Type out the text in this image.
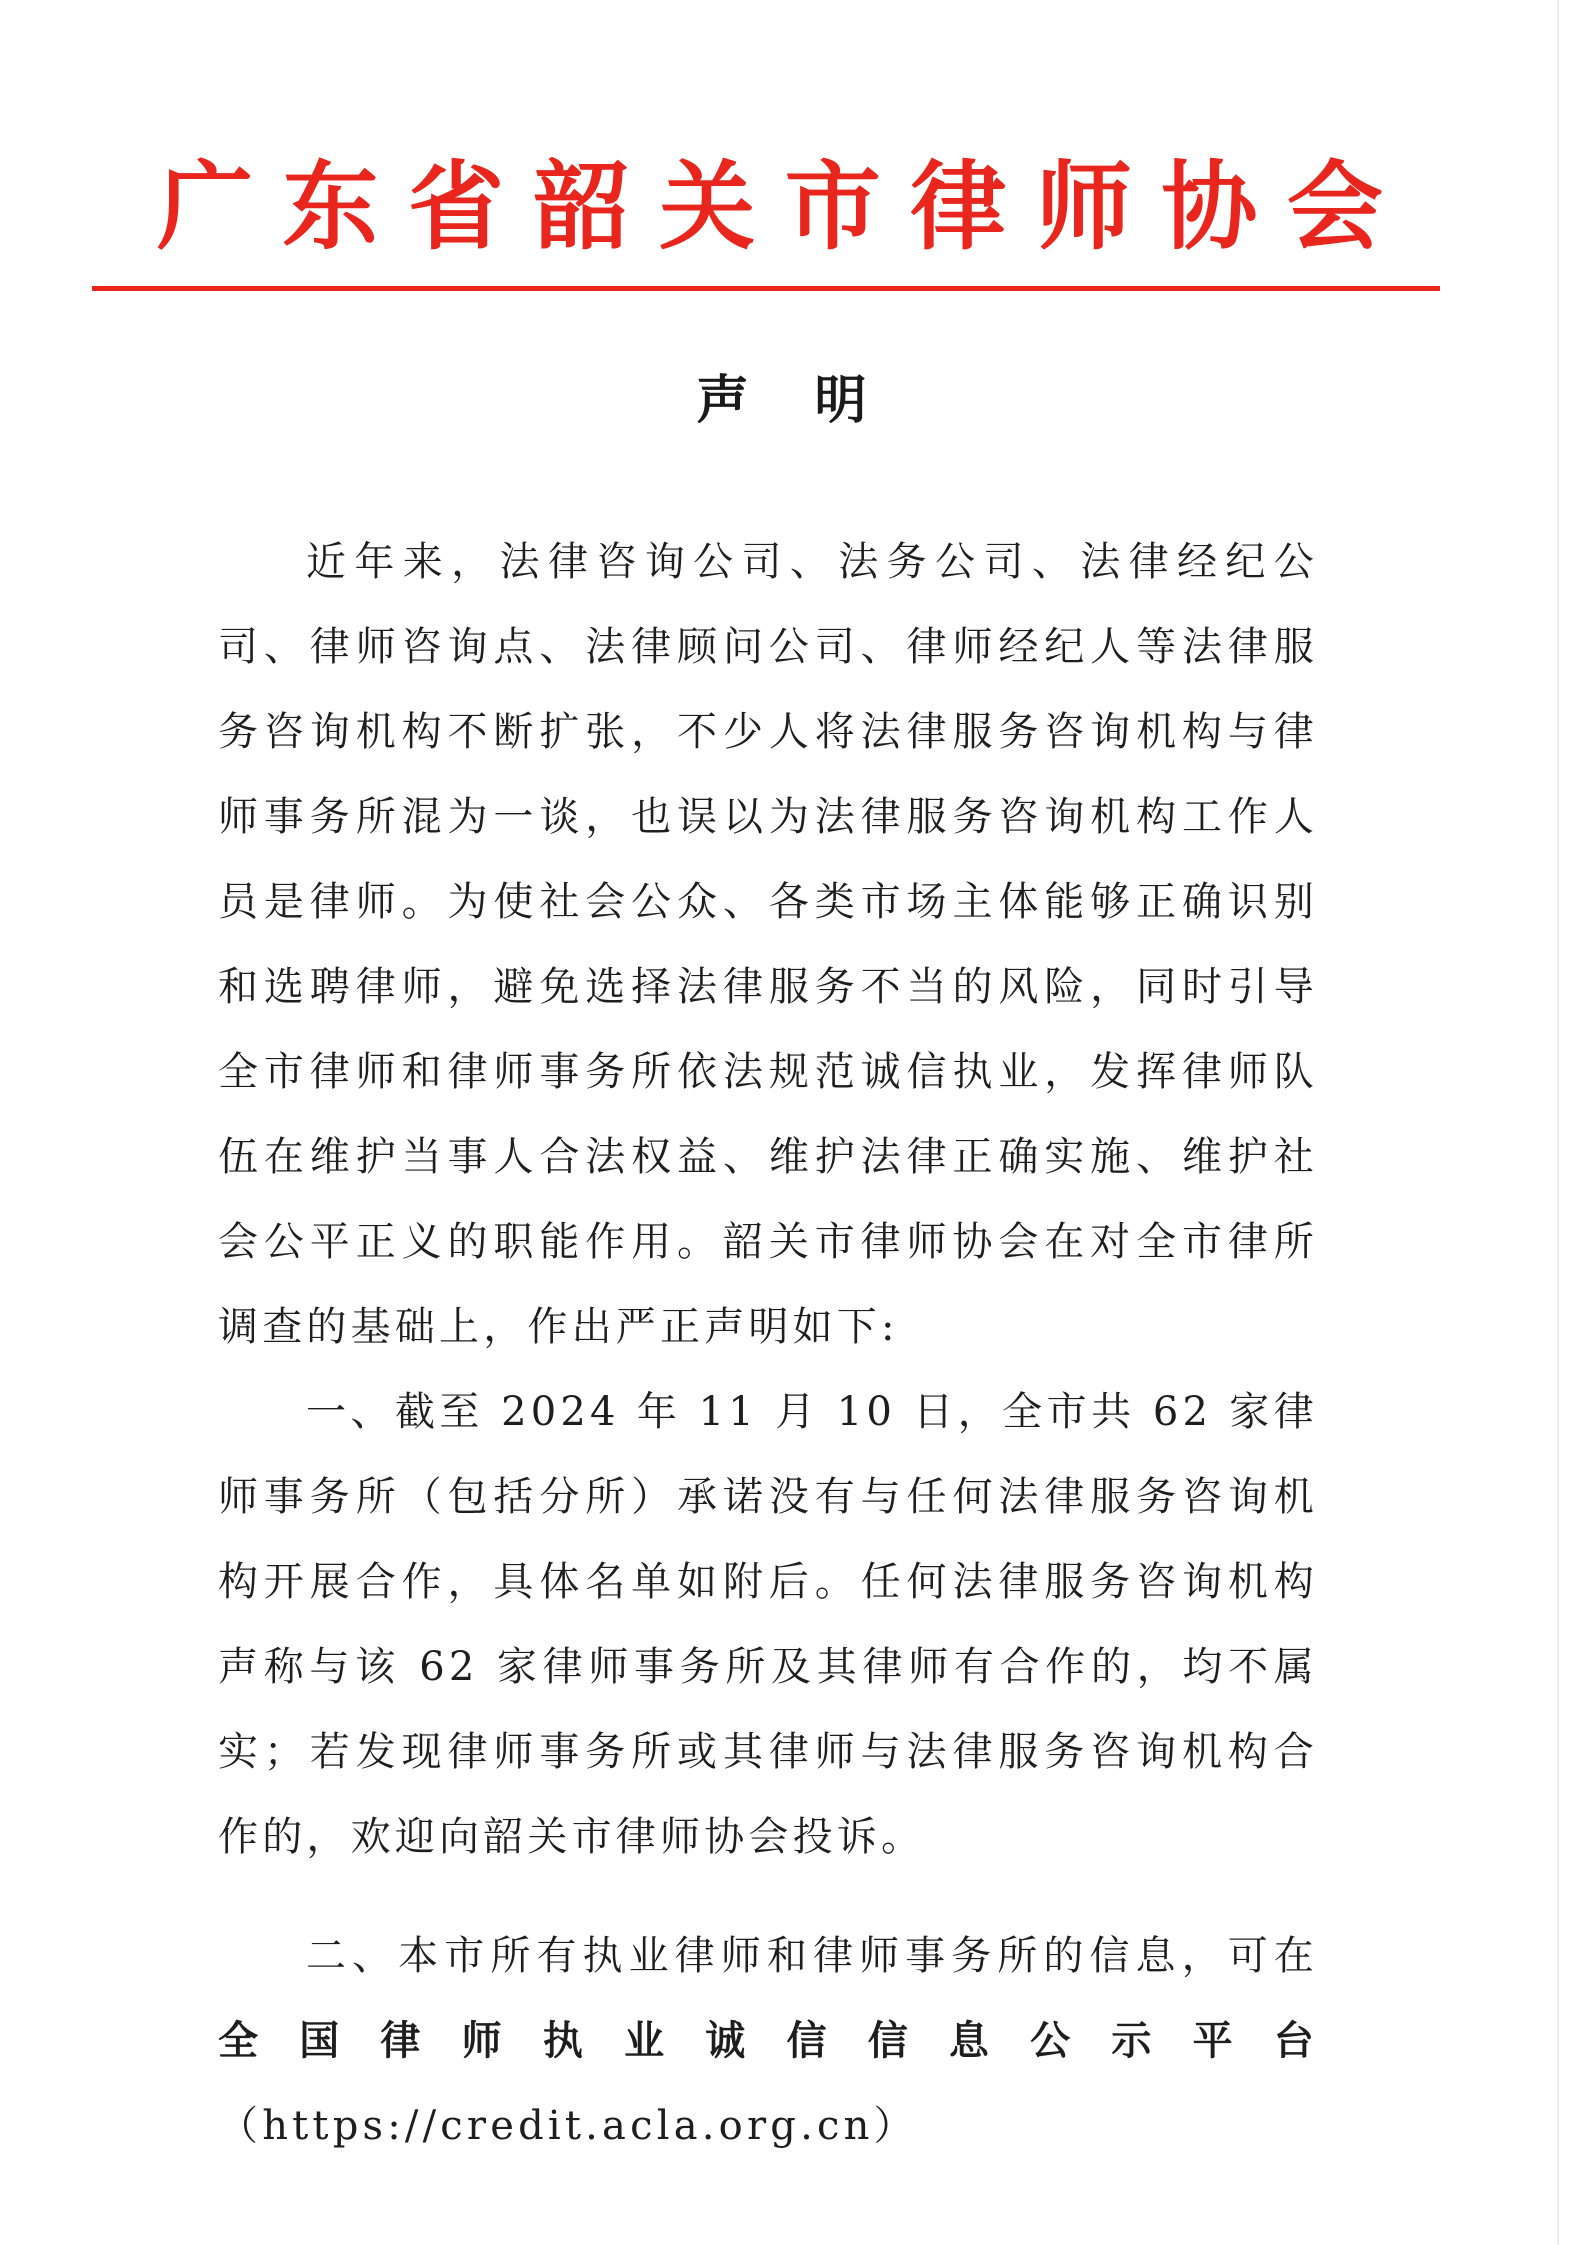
广 东 省 韶 关 市 律 师 协 会
声 明

近年来，法律咨询公司、法务公司、法律经纪公司、律师咨询点、法律顾问公司、律师经纪人等法律服务咨询机构不断扩张，不少人将法律服务咨询机构与律师事务所混为一谈，也误以为法律服务咨询机构工作人员是律师。为使社会公众、各类市场主体能够正确识别和选聘律师，避免选择法律服务不当的风险，同时引导全市律师和律师事务所依法规范诚信执业，发挥律师队伍在维护当事人合法权益、维护法律正确实施、维护社会公平正义的职能作用。韶关市律师协会在对全市律所调查的基础上，作出严正声明如下:

一、截至 2024 年 11 月 10 日，全市共 62 家律师事务所（包括分所）承诺没有与任何法律服务咨询机构开展合作，具体名单如附后。任何法律服务咨询机构声称与该 62 家律师事务所及其律师有合作的，均不属实；若发现律师事务所或其律师与法律服务咨询机构合作的，欢迎向韶关市律师协会投诉。

二、本市所有执业律师和律师事务所的信息，可在全国律师执业诚信信息公示平台（https://credit.acla.org.cn）
